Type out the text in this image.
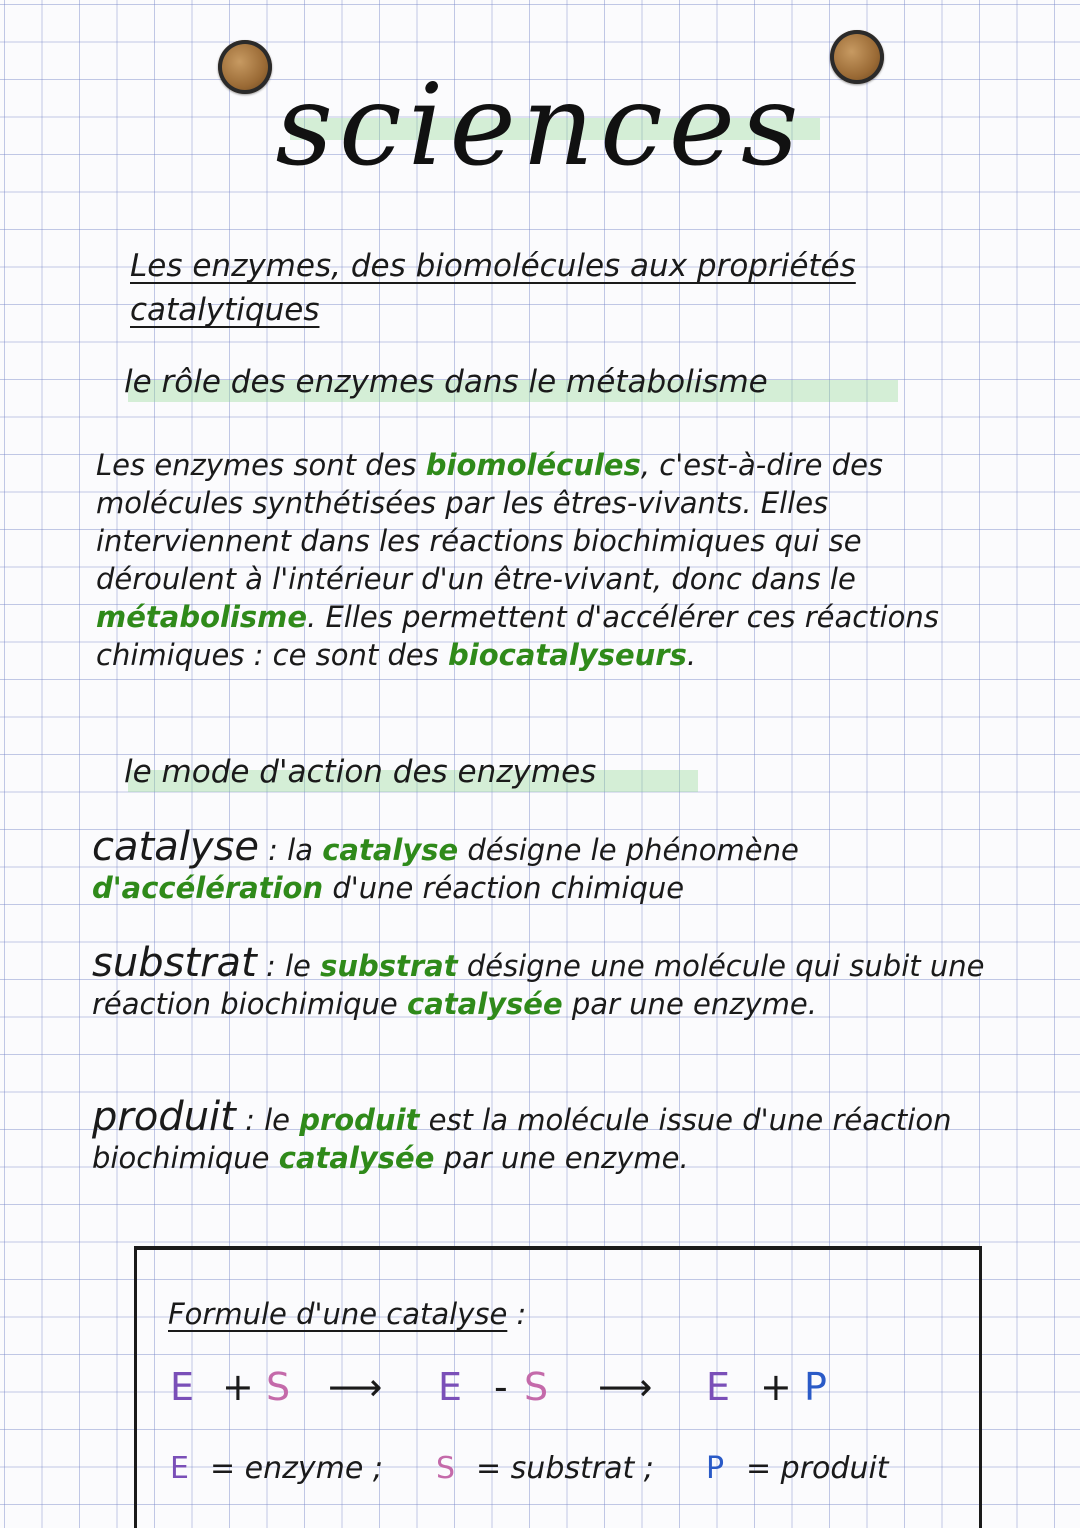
sciences
Les enzymes, des biomolécules aux propriétés
catalytiques
le rôle des enzymes dans le métabolisme
Les enzymes sont des biomolécules, c'est-à-dire des molécules synthétisées par les êtres-vivants. Elles interviennent dans les réactions biochimiques qui se déroulent à l'intérieur d'un être-vivant, donc dans le métabolisme. Elles permettent d'accélérer ces réactions chimiques : ce sont des biocatalyseurs.
le mode d'action des enzymes
catalyse : la catalyse désigne le phénomène d'accélération d'une réaction chimique
substrat : le substrat désigne une molécule qui subit une réaction biochimique catalysée par une enzyme.
produit : le produit est la molécule issue d'une réaction biochimique catalysée par une enzyme.
Formule d'une catalyse :
E + S ⟶ E - S ⟶ E + P
E = enzyme ; S = substrat ; P = produit
